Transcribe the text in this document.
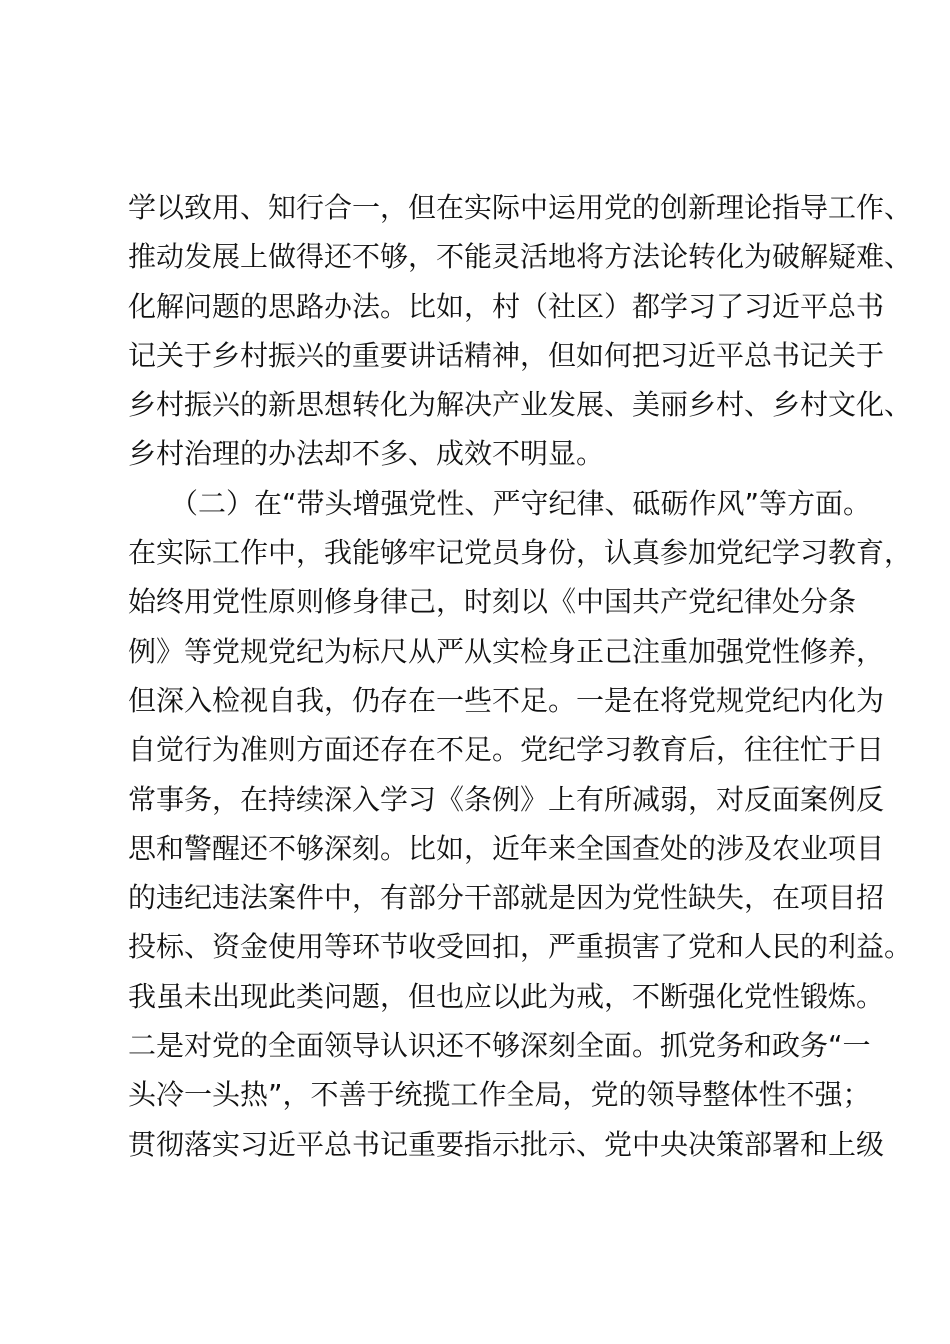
学以致用、知行合一，但在实际中运用党的创新理论指导工作、
推动发展上做得还不够，不能灵活地将方法论转化为破解疑难、
化解问题的思路办法。比如，村（社区）都学习了习近平总书
记关于乡村振兴的重要讲话精神，但如何把习近平总书记关于
乡村振兴的新思想转化为解决产业发展、美丽乡村、乡村文化、
乡村治理的办法却不多、成效不明显。
　　（二）在“带头增强党性、严守纪律、砥砺作风”等方面。
在实际工作中，我能够牢记党员身份，认真参加党纪学习教育，
始终用党性原则修身律己，时刻以《中国共产党纪律处分条
例》等党规党纪为标尺从严从实检身正己注重加强党性修养，
但深入检视自我，仍存在一些不足。一是在将党规党纪内化为
自觉行为准则方面还存在不足。党纪学习教育后，往往忙于日
常事务，在持续深入学习《条例》上有所减弱，对反面案例反
思和警醒还不够深刻。比如，近年来全国查处的涉及农业项目
的违纪违法案件中，有部分干部就是因为党性缺失，在项目招
投标、资金使用等环节收受回扣，严重损害了党和人民的利益。
我虽未出现此类问题，但也应以此为戒，不断强化党性锻炼。
二是对党的全面领导认识还不够深刻全面。抓党务和政务“一
头冷一头热”，不善于统揽工作全局，党的领导整体性不强；
贯彻落实习近平总书记重要指示批示、党中央决策部署和上级
